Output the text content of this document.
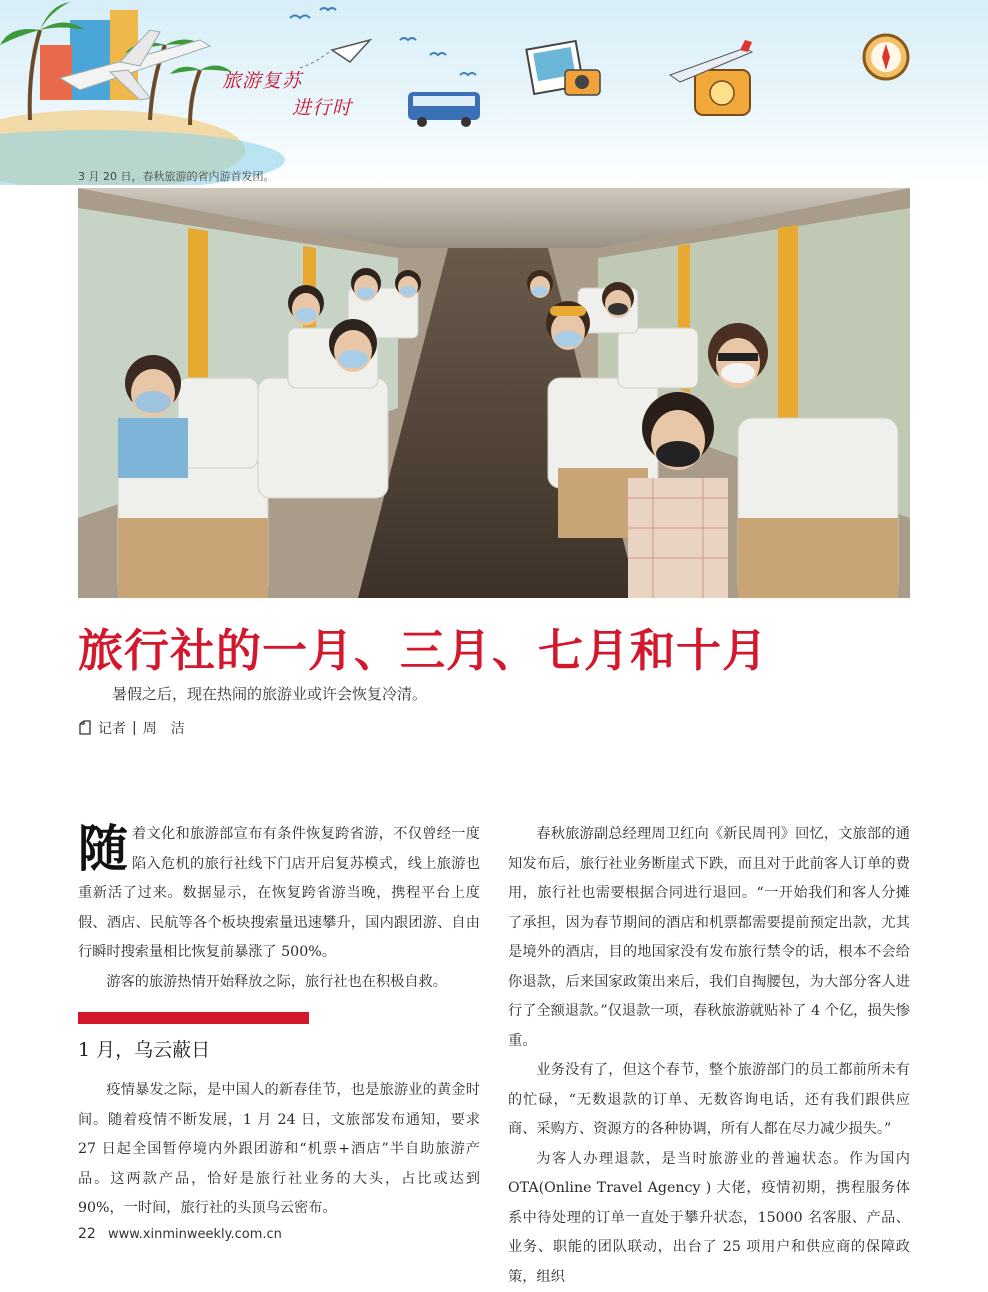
旅游复苏
进行时
3 月 20 日，春秋旅游的省内游首发团。
旅行社的一月、三月、七月和十月
暑假之后，现在热闹的旅游业或许会恢复冷清。
记者 | 周　洁

随着文化和旅游部宣布有条件恢复跨省游，不仅曾经一度陷入危机的旅行社线下门店开启复苏模式，线上旅游也重新活了过来。数据显示，在恢复跨省游当晚，携程平台上度假、酒店、民航等各个板块搜索量迅速攀升，国内跟团游、自由行瞬时搜索量相比恢复前暴涨了 500%。

游客的旅游热情开始释放之际，旅行社也在积极自救。

1 月，乌云蔽日

疫情暴发之际，是中国人的新春佳节，也是旅游业的黄金时间。随着疫情不断发展，1 月 24 日，文旅部发布通知，要求 27 日起全国暂停境内外跟团游和“机票+酒店”半自助旅游产品。这两款产品，恰好是旅行社业务的大头，占比或达到 90%，一时间，旅行社的头顶乌云密布。

春秋旅游副总经理周卫红向《新民周刊》回忆，文旅部的通知发布后，旅行社业务断崖式下跌，而且对于此前客人订单的费用，旅行社也需要根据合同进行退回。“一开始我们和客人分摊了承担，因为春节期间的酒店和机票都需要提前预定出款，尤其是境外的酒店，目的地国家没有发布旅行禁令的话，根本不会给你退款，后来国家政策出来后，我们自掏腰包，为大部分客人进行了全额退款。”仅退款一项，春秋旅游就贴补了 4 个亿，损失惨重。

业务没有了，但这个春节，整个旅游部门的员工都前所未有的忙碌，“无数退款的订单、无数咨询电话，还有我们跟供应商、采购方、资源方的各种协调，所有人都在尽力减少损失。”

为客人办理退款，是当时旅游业的普遍状态。作为国内 OTA(Online Travel Agency ) 大佬，疫情初期，携程服务体系中待处理的订单一直处于攀升状态，15000 名客服、产品、业务、职能的团队联动，出台了 25 项用户和供应商的保障政策，组织

22 www.xinminweekly.com.cn
